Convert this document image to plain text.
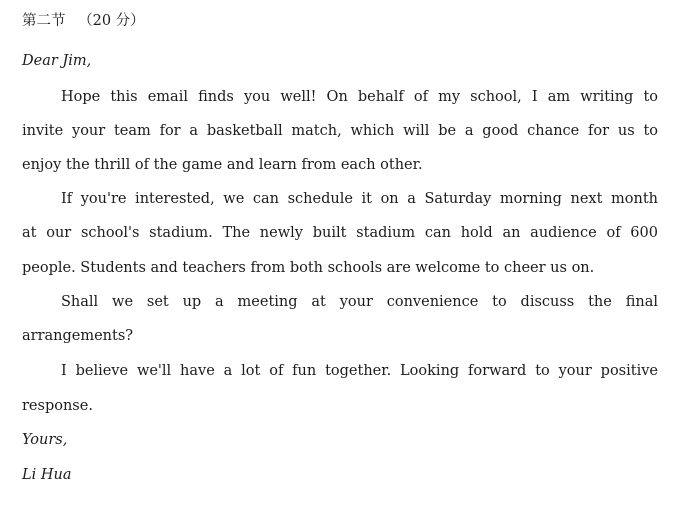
第二节 （20 分）
Dear Jim,
Hope this email finds you well! On behalf of my school, I am writing to
invite your team for a basketball match, which will be a good chance for us to
enjoy the thrill of the game and learn from each other.
If you're interested, we can schedule it on a Saturday morning next month
at our school's stadium. The newly built stadium can hold an audience of 600
people. Students and teachers from both schools are welcome to cheer us on.
Shall we set up a meeting at your convenience to discuss the final
arrangements?
I believe we'll have a lot of fun together. Looking forward to your positive
response.
Yours,
Li Hua
